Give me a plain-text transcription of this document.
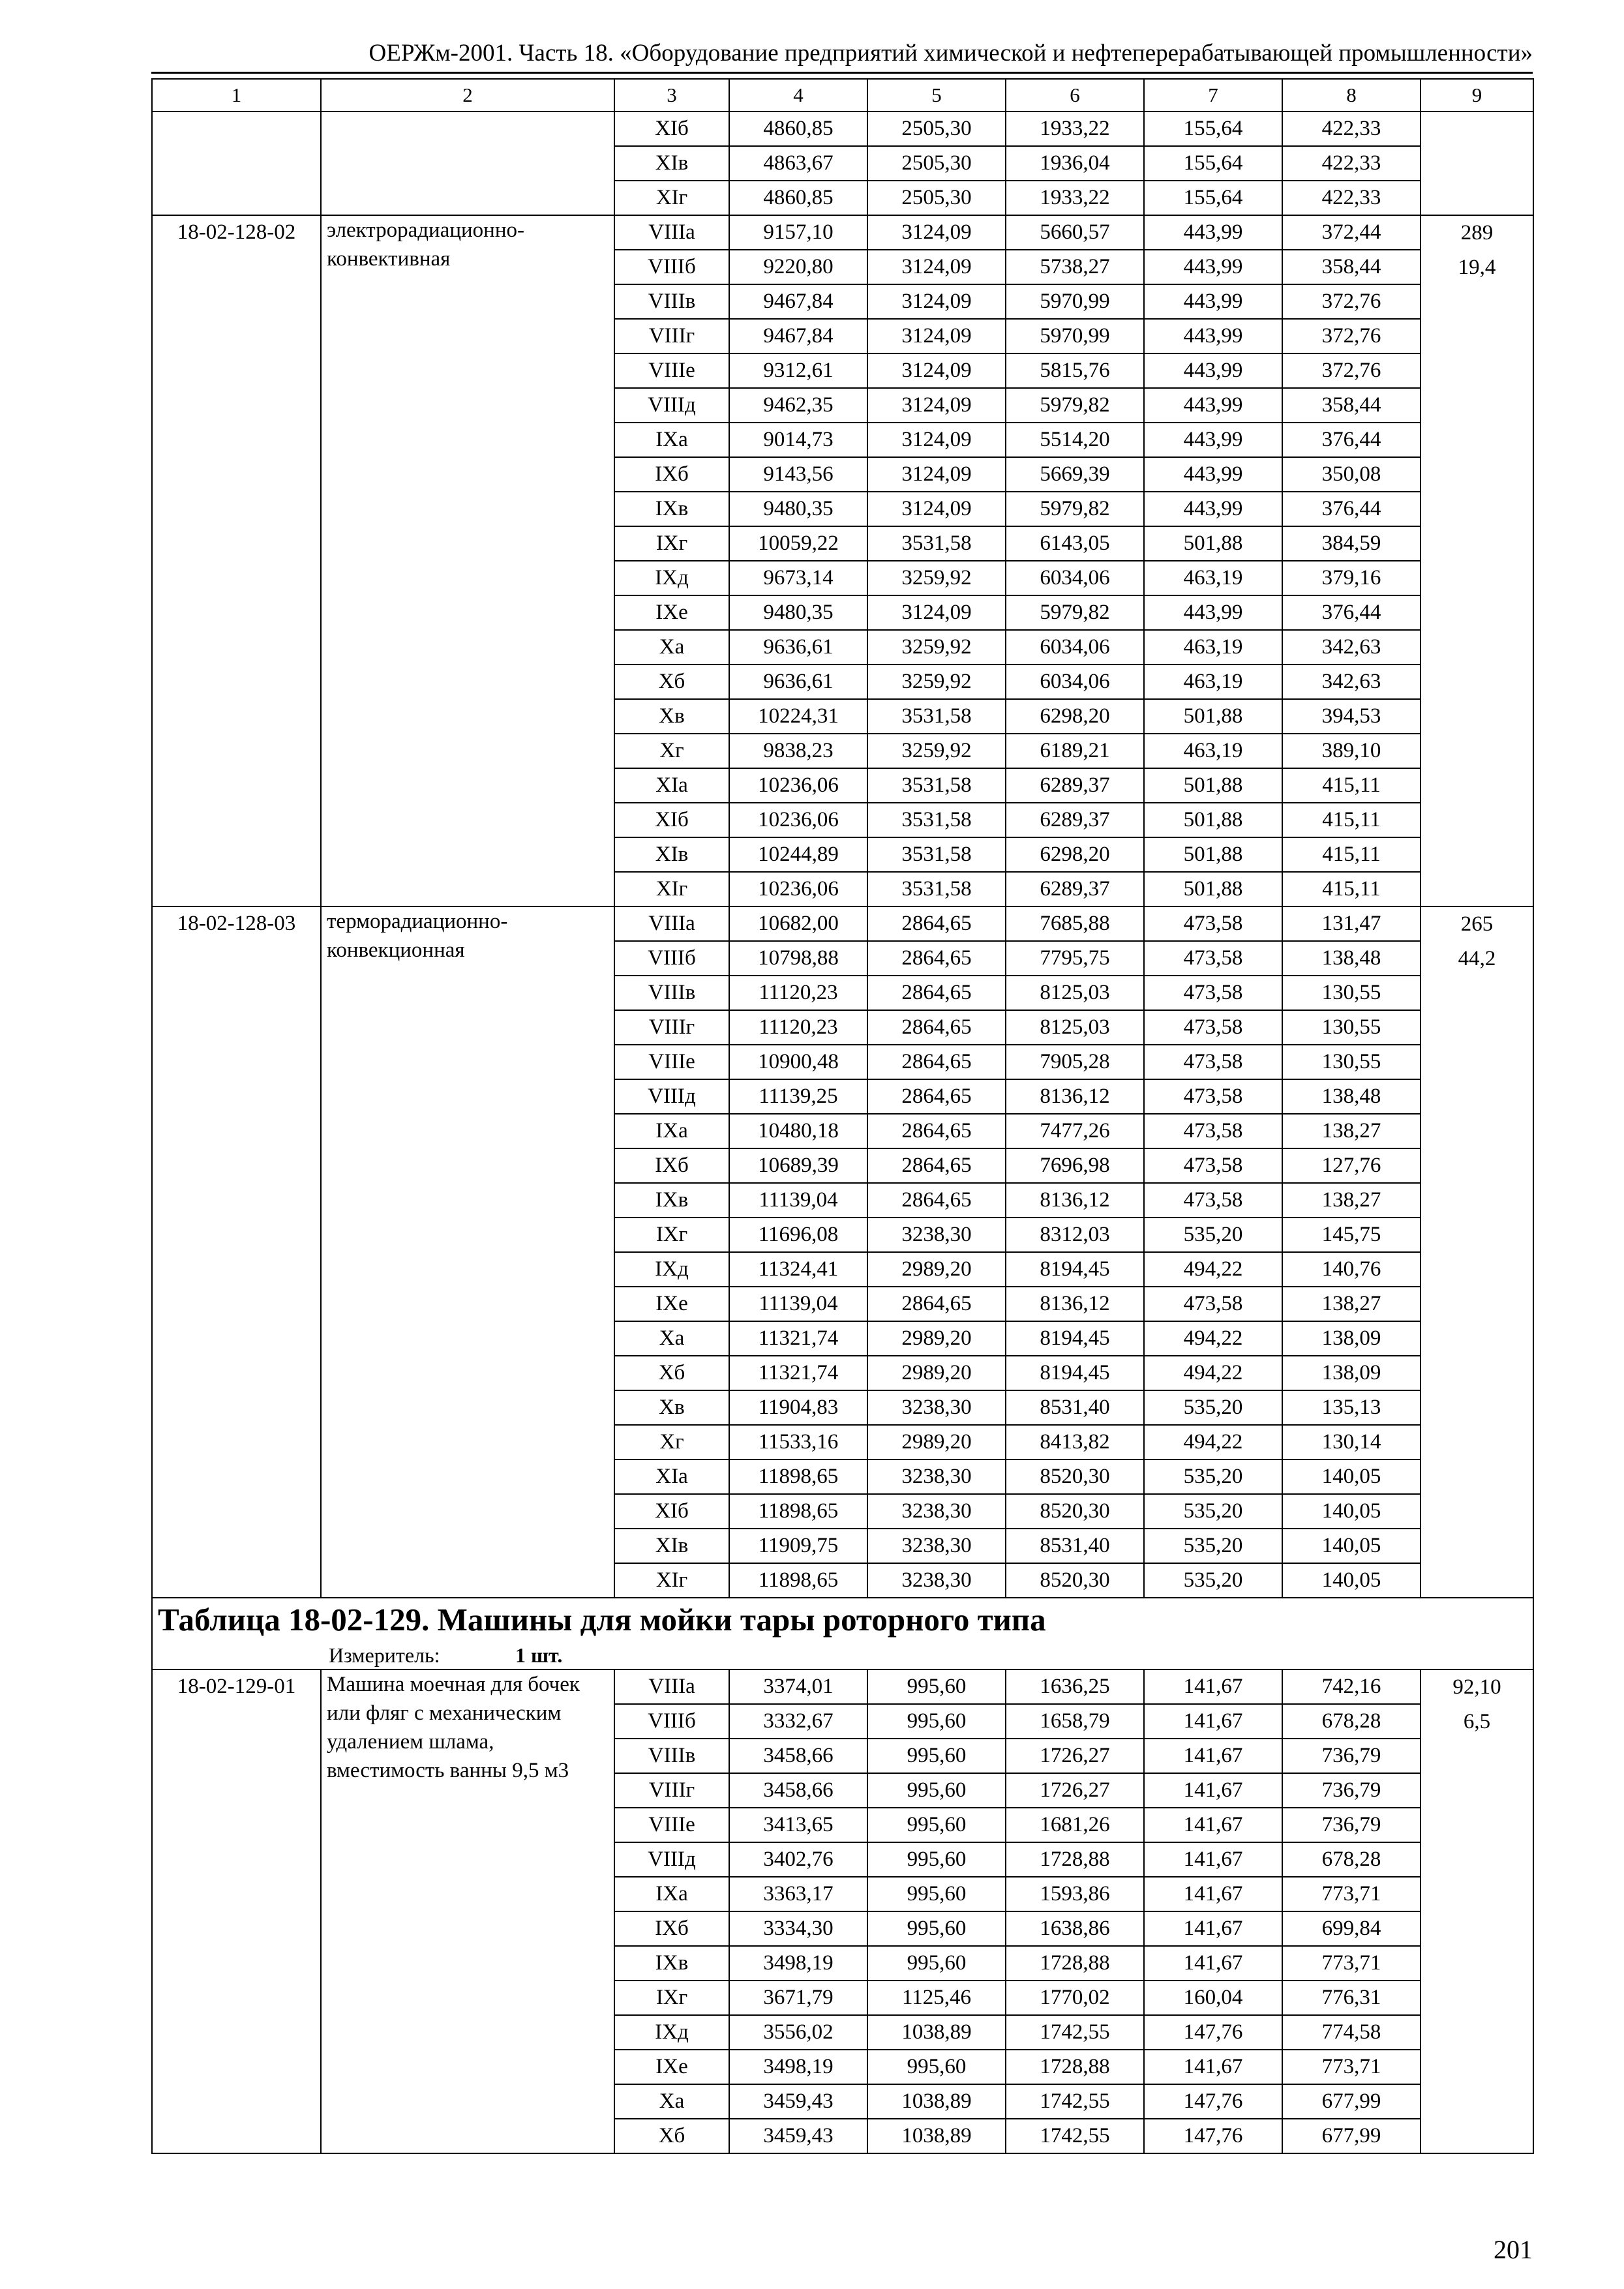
ОЕРЖм-2001. Часть 18. «Оборудование предприятий химической и нефтеперерабатывающей промышленности»
1	2	3	4	5	6	7	8	9

		XIб	4860,85	2505,30	1933,22	155,64	422,33	
		XIв	4863,67	2505,30	1936,04	155,64	422,33	
		XIг	4860,85	2505,30	1933,22	155,64	422,33	

18-02-128-02	электрорадиационно-конвективная	VIIIа	9157,10	3124,09	5660,57	443,99	372,44	289
19,4

		VIIIб	9220,80	3124,09	5738,27	443,99	358,44	
		VIIIв	9467,84	3124,09	5970,99	443,99	372,76	
		VIIIг	9467,84	3124,09	5970,99	443,99	372,76	
		VIIIе	9312,61	3124,09	5815,76	443,99	372,76	
		VIIIд	9462,35	3124,09	5979,82	443,99	358,44	
		IXа	9014,73	3124,09	5514,20	443,99	376,44	
		IXб	9143,56	3124,09	5669,39	443,99	350,08	
		IXв	9480,35	3124,09	5979,82	443,99	376,44	
		IXг	10059,22	3531,58	6143,05	501,88	384,59	
		IXд	9673,14	3259,92	6034,06	463,19	379,16	
		IXе	9480,35	3124,09	5979,82	443,99	376,44	
		Xа	9636,61	3259,92	6034,06	463,19	342,63	
		Xб	9636,61	3259,92	6034,06	463,19	342,63	
		Xв	10224,31	3531,58	6298,20	501,88	394,53	
		Xг	9838,23	3259,92	6189,21	463,19	389,10	
		XIа	10236,06	3531,58	6289,37	501,88	415,11	
		XIб	10236,06	3531,58	6289,37	501,88	415,11	
		XIв	10244,89	3531,58	6298,20	501,88	415,11	
		XIг	10236,06	3531,58	6289,37	501,88	415,11	

18-02-128-03	терморадиационно-конвекционная	VIIIа	10682,00	2864,65	7685,88	473,58	131,47	265
44,2

		VIIIб	10798,88	2864,65	7795,75	473,58	138,48	
		VIIIв	11120,23	2864,65	8125,03	473,58	130,55	
		VIIIг	11120,23	2864,65	8125,03	473,58	130,55	
		VIIIе	10900,48	2864,65	7905,28	473,58	130,55	
		VIIIд	11139,25	2864,65	8136,12	473,58	138,48	
		IXа	10480,18	2864,65	7477,26	473,58	138,27	
		IXб	10689,39	2864,65	7696,98	473,58	127,76	
		IXв	11139,04	2864,65	8136,12	473,58	138,27	
		IXг	11696,08	3238,30	8312,03	535,20	145,75	
		IXд	11324,41	2989,20	8194,45	494,22	140,76	
		IXе	11139,04	2864,65	8136,12	473,58	138,27	
		Xа	11321,74	2989,20	8194,45	494,22	138,09	
		Xб	11321,74	2989,20	8194,45	494,22	138,09	
		Xв	11904,83	3238,30	8531,40	535,20	135,13	
		Xг	11533,16	2989,20	8413,82	494,22	130,14	
		XIа	11898,65	3238,30	8520,30	535,20	140,05	
		XIб	11898,65	3238,30	8520,30	535,20	140,05	
		XIв	11909,75	3238,30	8531,40	535,20	140,05	
		XIг	11898,65	3238,30	8520,30	535,20	140,05	

Таблица 18-02-129. Машины для мойки тары роторного типа
Измеритель: 1 шт.								

18-02-129-01	Машина моечная для бочек или фляг с механическим удалением шлама, вместимость ванны 9,5 м3	VIIIа	3374,01	995,60	1636,25	141,67	742,16	92,10
6,5

		VIIIб	3332,67	995,60	1658,79	141,67	678,28	
		VIIIв	3458,66	995,60	1726,27	141,67	736,79	
		VIIIг	3458,66	995,60	1726,27	141,67	736,79	
		VIIIе	3413,65	995,60	1681,26	141,67	736,79	
		VIIIд	3402,76	995,60	1728,88	141,67	678,28	
		IXа	3363,17	995,60	1593,86	141,67	773,71	
		IXб	3334,30	995,60	1638,86	141,67	699,84	
		IXв	3498,19	995,60	1728,88	141,67	773,71	
		IXг	3671,79	1125,46	1770,02	160,04	776,31	
		IXд	3556,02	1038,89	1742,55	147,76	774,58	
		IXе	3498,19	995,60	1728,88	141,67	773,71	
		Xа	3459,43	1038,89	1742,55	147,76	677,99	
		Xб	3459,43	1038,89	1742,55	147,76	677,99	
201
